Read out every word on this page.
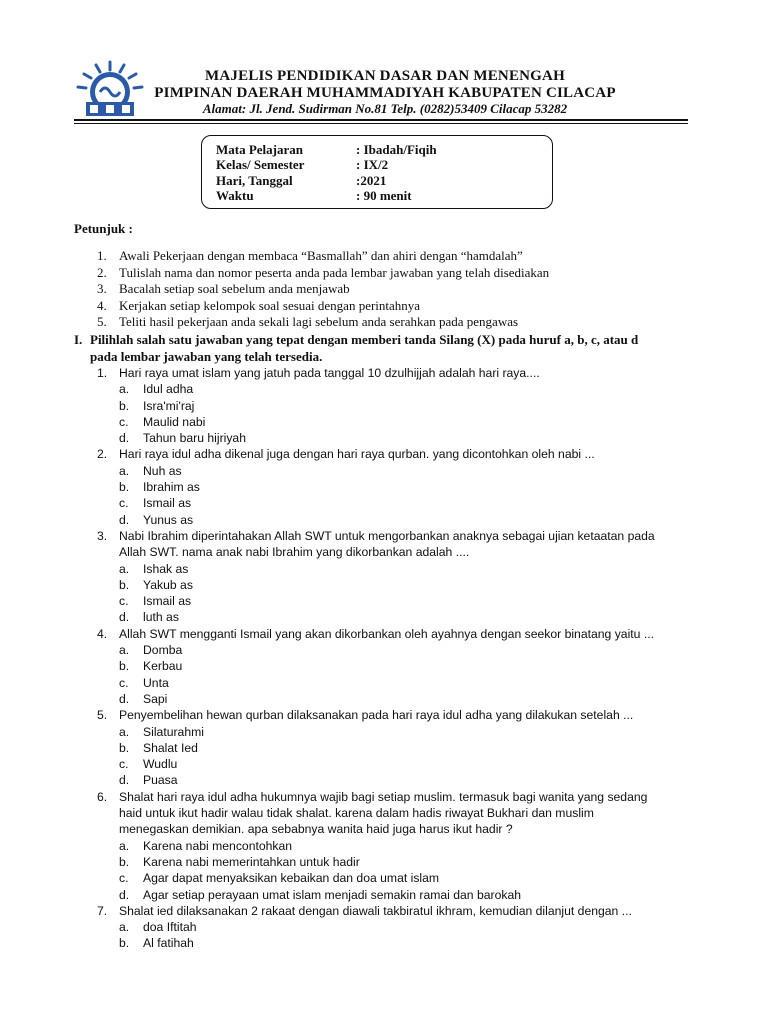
MAJELIS PENDIDIKAN DASAR DAN MENENGAH
PIMPINAN DAERAH MUHAMMADIYAH KABUPATEN CILACAP
Alamat: Jl. Jend. Sudirman No.81 Telp. (0282)53409 Cilacap 53282
Mata Pelajaran	: Ibadah/Fiqih
Kelas/ Semester	: IX/2
Hari, Tanggal	:2021
Waktu	: 90 menit
Petunjuk :
1. Awali Pekerjaan dengan membaca “Basmallah” dan ahiri dengan “hamdalah”
2. Tulislah nama dan nomor peserta anda pada lembar jawaban yang telah disediakan
3. Bacalah setiap soal sebelum anda menjawab
4. Kerjakan setiap kelompok soal sesuai dengan perintahnya
5. Teliti hasil pekerjaan anda sekali lagi sebelum anda serahkan pada pengawas
I. Pilihlah salah satu jawaban yang tepat dengan memberi tanda Silang (X) pada huruf a, b, c, atau d
pada lembar jawaban yang telah tersedia.
1. Hari raya umat islam yang jatuh pada tanggal 10 dzulhijjah adalah hari raya....
a. Idul adha
b. Isra'mi'raj
c. Maulid nabi
d. Tahun baru hijriyah
2. Hari raya idul adha dikenal juga dengan hari raya qurban. yang dicontohkan oleh nabi ...
a. Nuh as
b. Ibrahim as
c. Ismail as
d. Yunus as
3. Nabi Ibrahim diperintahakan Allah SWT untuk mengorbankan anaknya sebagai ujian ketaatan pada
Allah SWT. nama anak nabi Ibrahim yang dikorbankan adalah ....
a. Ishak as
b. Yakub as
c. Ismail as
d. luth as
4. Allah SWT mengganti Ismail yang akan dikorbankan oleh ayahnya dengan seekor binatang yaitu ...
a. Domba
b. Kerbau
c. Unta
d. Sapi
5. Penyembelihan hewan qurban dilaksanakan pada hari raya idul adha yang dilakukan setelah ...
a. Silaturahmi
b. Shalat Ied
c. Wudlu
d. Puasa
6. Shalat hari raya idul adha hukumnya wajib bagi setiap muslim. termasuk bagi wanita yang sedang
haid untuk ikut hadir walau tidak shalat. karena dalam hadis riwayat Bukhari dan muslim
menegaskan demikian. apa sebabnya wanita haid juga harus ikut hadir ?
a. Karena nabi mencontohkan
b. Karena nabi memerintahkan untuk hadir
c. Agar dapat menyaksikan kebaikan dan doa umat islam
d. Agar setiap perayaan umat islam menjadi semakin ramai dan barokah
7. Shalat ied dilaksanakan 2 rakaat dengan diawali takbiratul ikhram, kemudian dilanjut dengan ...
a. doa Iftitah
b. Al fatihah
